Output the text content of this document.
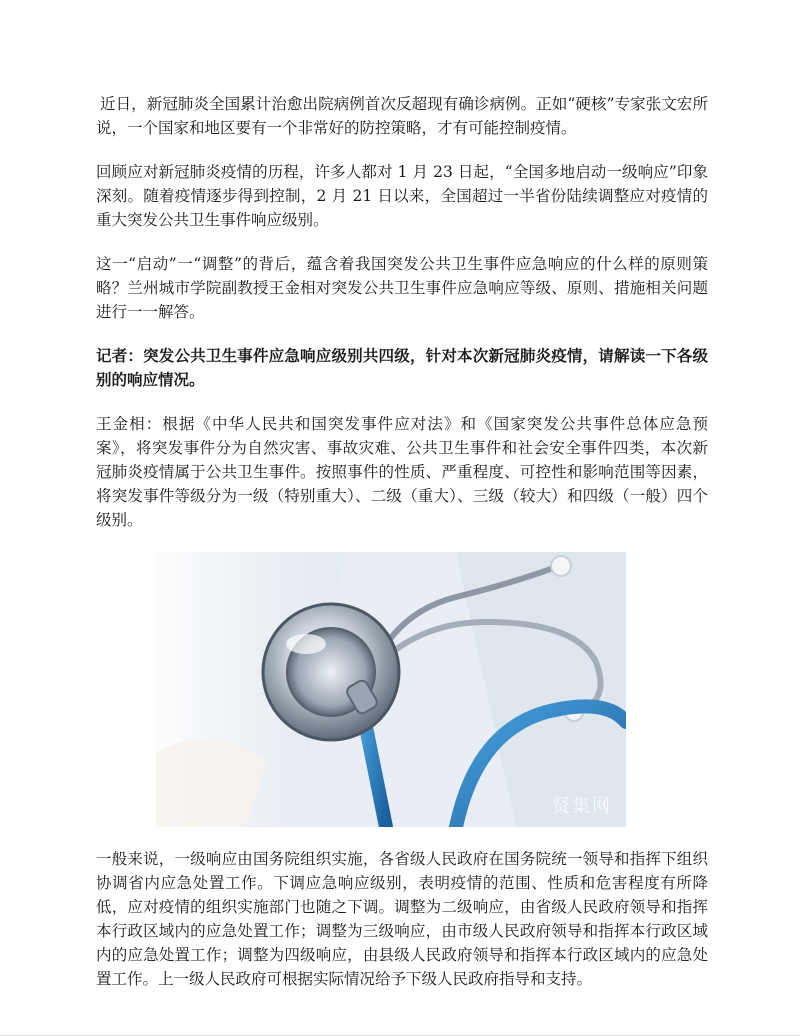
近日，新冠肺炎全国累计治愈出院病例首次反超现有确诊病例。正如“硬核”专家张文宏所说，一个国家和地区要有一个非常好的防控策略，才有可能控制疫情。

回顾应对新冠肺炎疫情的历程，许多人都对 1 月 23 日起，“全国多地启动一级响应”印象深刻。随着疫情逐步得到控制，2 月 21 日以来，全国超过一半省份陆续调整应对疫情的重大突发公共卫生事件响应级别。

这一“启动”一“调整”的背后，蕴含着我国突发公共卫生事件应急响应的什么样的原则策略？兰州城市学院副教授王金相对突发公共卫生事件应急响应等级、原则、措施相关问题进行一一解答。

记者：突发公共卫生事件应急响应级别共四级，针对本次新冠肺炎疫情，请解读一下各级别的响应情况。

王金相：根据《中华人民共和国突发事件应对法》和《国家突发公共事件总体应急预案》，将突发事件分为自然灾害、事故灾难、公共卫生事件和社会安全事件四类，本次新冠肺炎疫情属于公共卫生事件。按照事件的性质、严重程度、可控性和影响范围等因素，将突发事件等级分为一级（特别重大）、二级（重大）、三级（较大）和四级（一般）四个级别。

贤集网

一般来说，一级响应由国务院组织实施，各省级人民政府在国务院统一领导和指挥下组织协调省内应急处置工作。下调应急响应级别，表明疫情的范围、性质和危害程度有所降低，应对疫情的组织实施部门也随之下调。调整为二级响应，由省级人民政府领导和指挥本行政区域内的应急处置工作；调整为三级响应，由市级人民政府领导和指挥本行政区域内的应急处置工作；调整为四级响应，由县级人民政府领导和指挥本行政区域内的应急处置工作。上一级人民政府可根据实际情况给予下级人民政府指导和支持。
